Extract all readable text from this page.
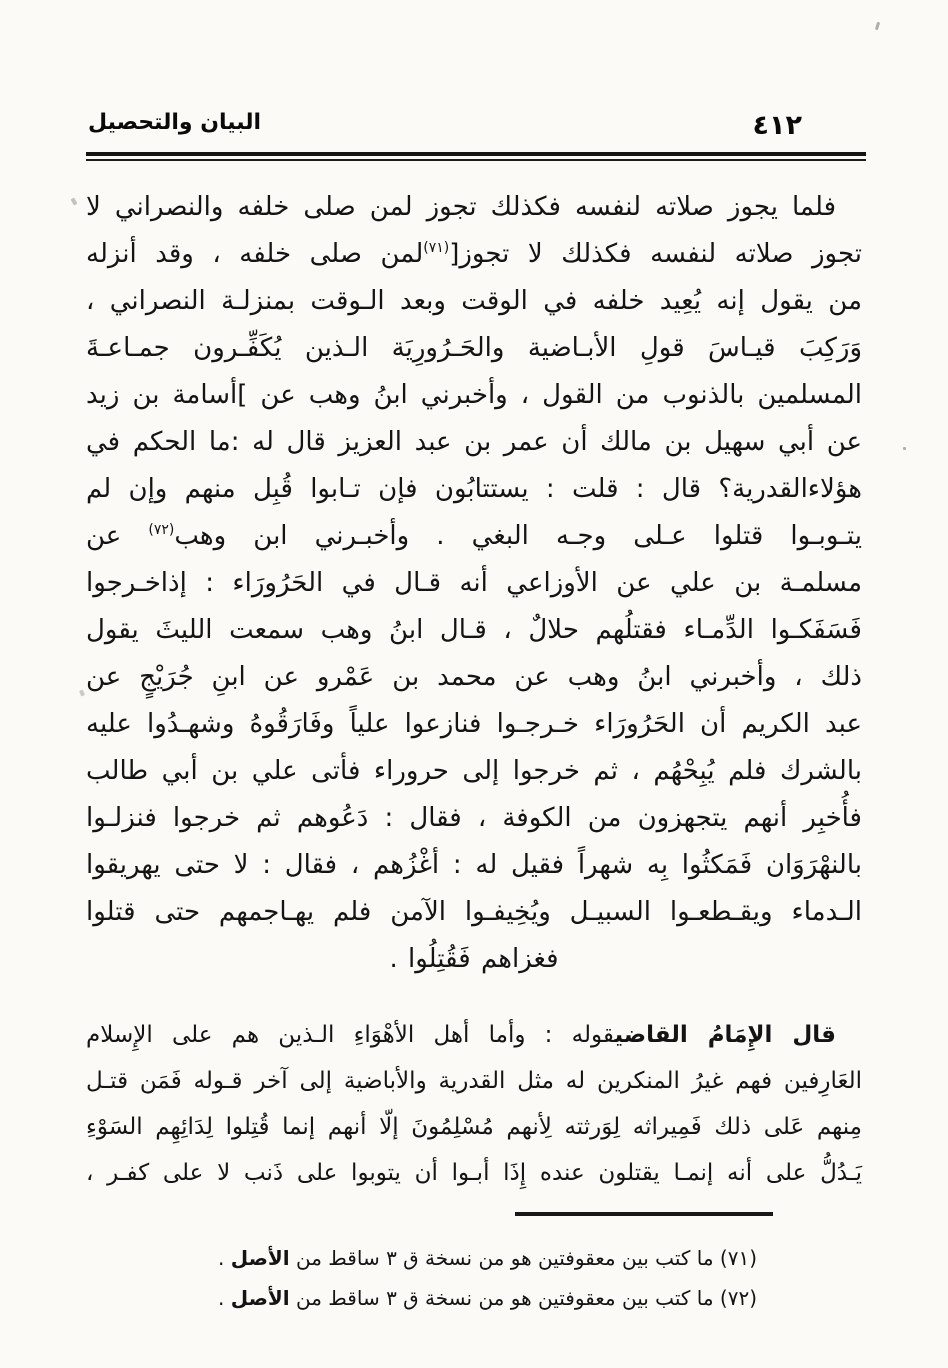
البيان والتحصيل	٤١٢
فلما يجوز صلاته لنفسه فكذلك تجوز لمن صلى خلفه والنصراني لا
تجوز صلاته لنفسه فكذلك لا تجوز[$^{(٧١)}$لمن صلى خلفه ، وقد أنزله
من يقول إنه يُعِيد خلفه في الوقت وبعد الـوقت بمنزلـة النصراني ،
وَرَكِبَ قيـاسَ قولِ الأبـاضية والحَـرُورِيَة الـذين يُكَفِّـرون جمـاعـةَ
المسلمين بالذنوب من القول ، وأخبرني ابنُ وهب عن ]أسامة بن زيد
عن أبي سهيل بن مالك أن عمر بن عبد العزيز قال له :ما الحكم في
هؤلاءالقدرية؟ قال : قلت : يستتابُون فإن تـابوا قُبِل منهم وإن لم
يتـوبـوا قتلوا عـلى وجـه البغي . وأخبـرني ابن وهب$^{(٧٢)}$ عن
مسلمـة بن علي عن الأوزاعي أنه قـال في الحَرُورَاء : إذاخـرجوا
فَسَفَكـوا الدِّمـاء فقتلُهم حلالٌ ، قـال ابنُ وهب سمعت الليثَ يقول
ذلك ، وأخبرني ابنُ وهب عن محمد بن عَمْرو عن ابنِ جُرَيْجٍ عن
عبد الكريم أن الحَرُورَاء خـرجـوا فنازعوا علياً وفَارَقُوهُ وشهـدُوا عليه
بالشرك فلم يُبِحْهُم ، ثم خرجوا إلى حروراء فأتى علي بن أبي طالب
فأُخبِر أنهم يتجهزون من الكوفة ، فقال : دَعُوهم ثم خرجوا فنزلـوا
بالنهْرَوَان فَمَكثُوا بِه شهراً فقيل له : أغْزُهم ، فقال : لا حتى يهريقوا
الـدماء ويقـطعـوا السبيـل ويُخِيفـوا الآمن فلم يهـاجمهم حتى قتلوا
فغزاهم فَقُتِلُوا .
قال الإِمَامُ القاضيقوله : وأما أهل الأهْوَاءِ الـذين هم على الإِسلام
العَارِفين فهم غيرُ المنكرين له مثل القدرية والأباضية إلى آخر قـوله فَمَن قتـل
مِنهم عَلى ذلك فَمِيراثه لِوَرثته لِأنهم مُسْلِمُونَ إلّا أنهم إنما قُتِلوا لِدَائِهِم السَوْءِ
يَـدُلُّ على أنه إنمـا يقتلون عنده إِذَا أبـوا أن يتوبوا على ذَنب لا على كفـر ،
(٧١) ما كتب بين معقوفتين هو من نسخة ق ٣ ساقط من الأصل .
(٧٢) ما كتب بين معقوفتين هو من نسخة ق ٣ ساقط من الأصل .
